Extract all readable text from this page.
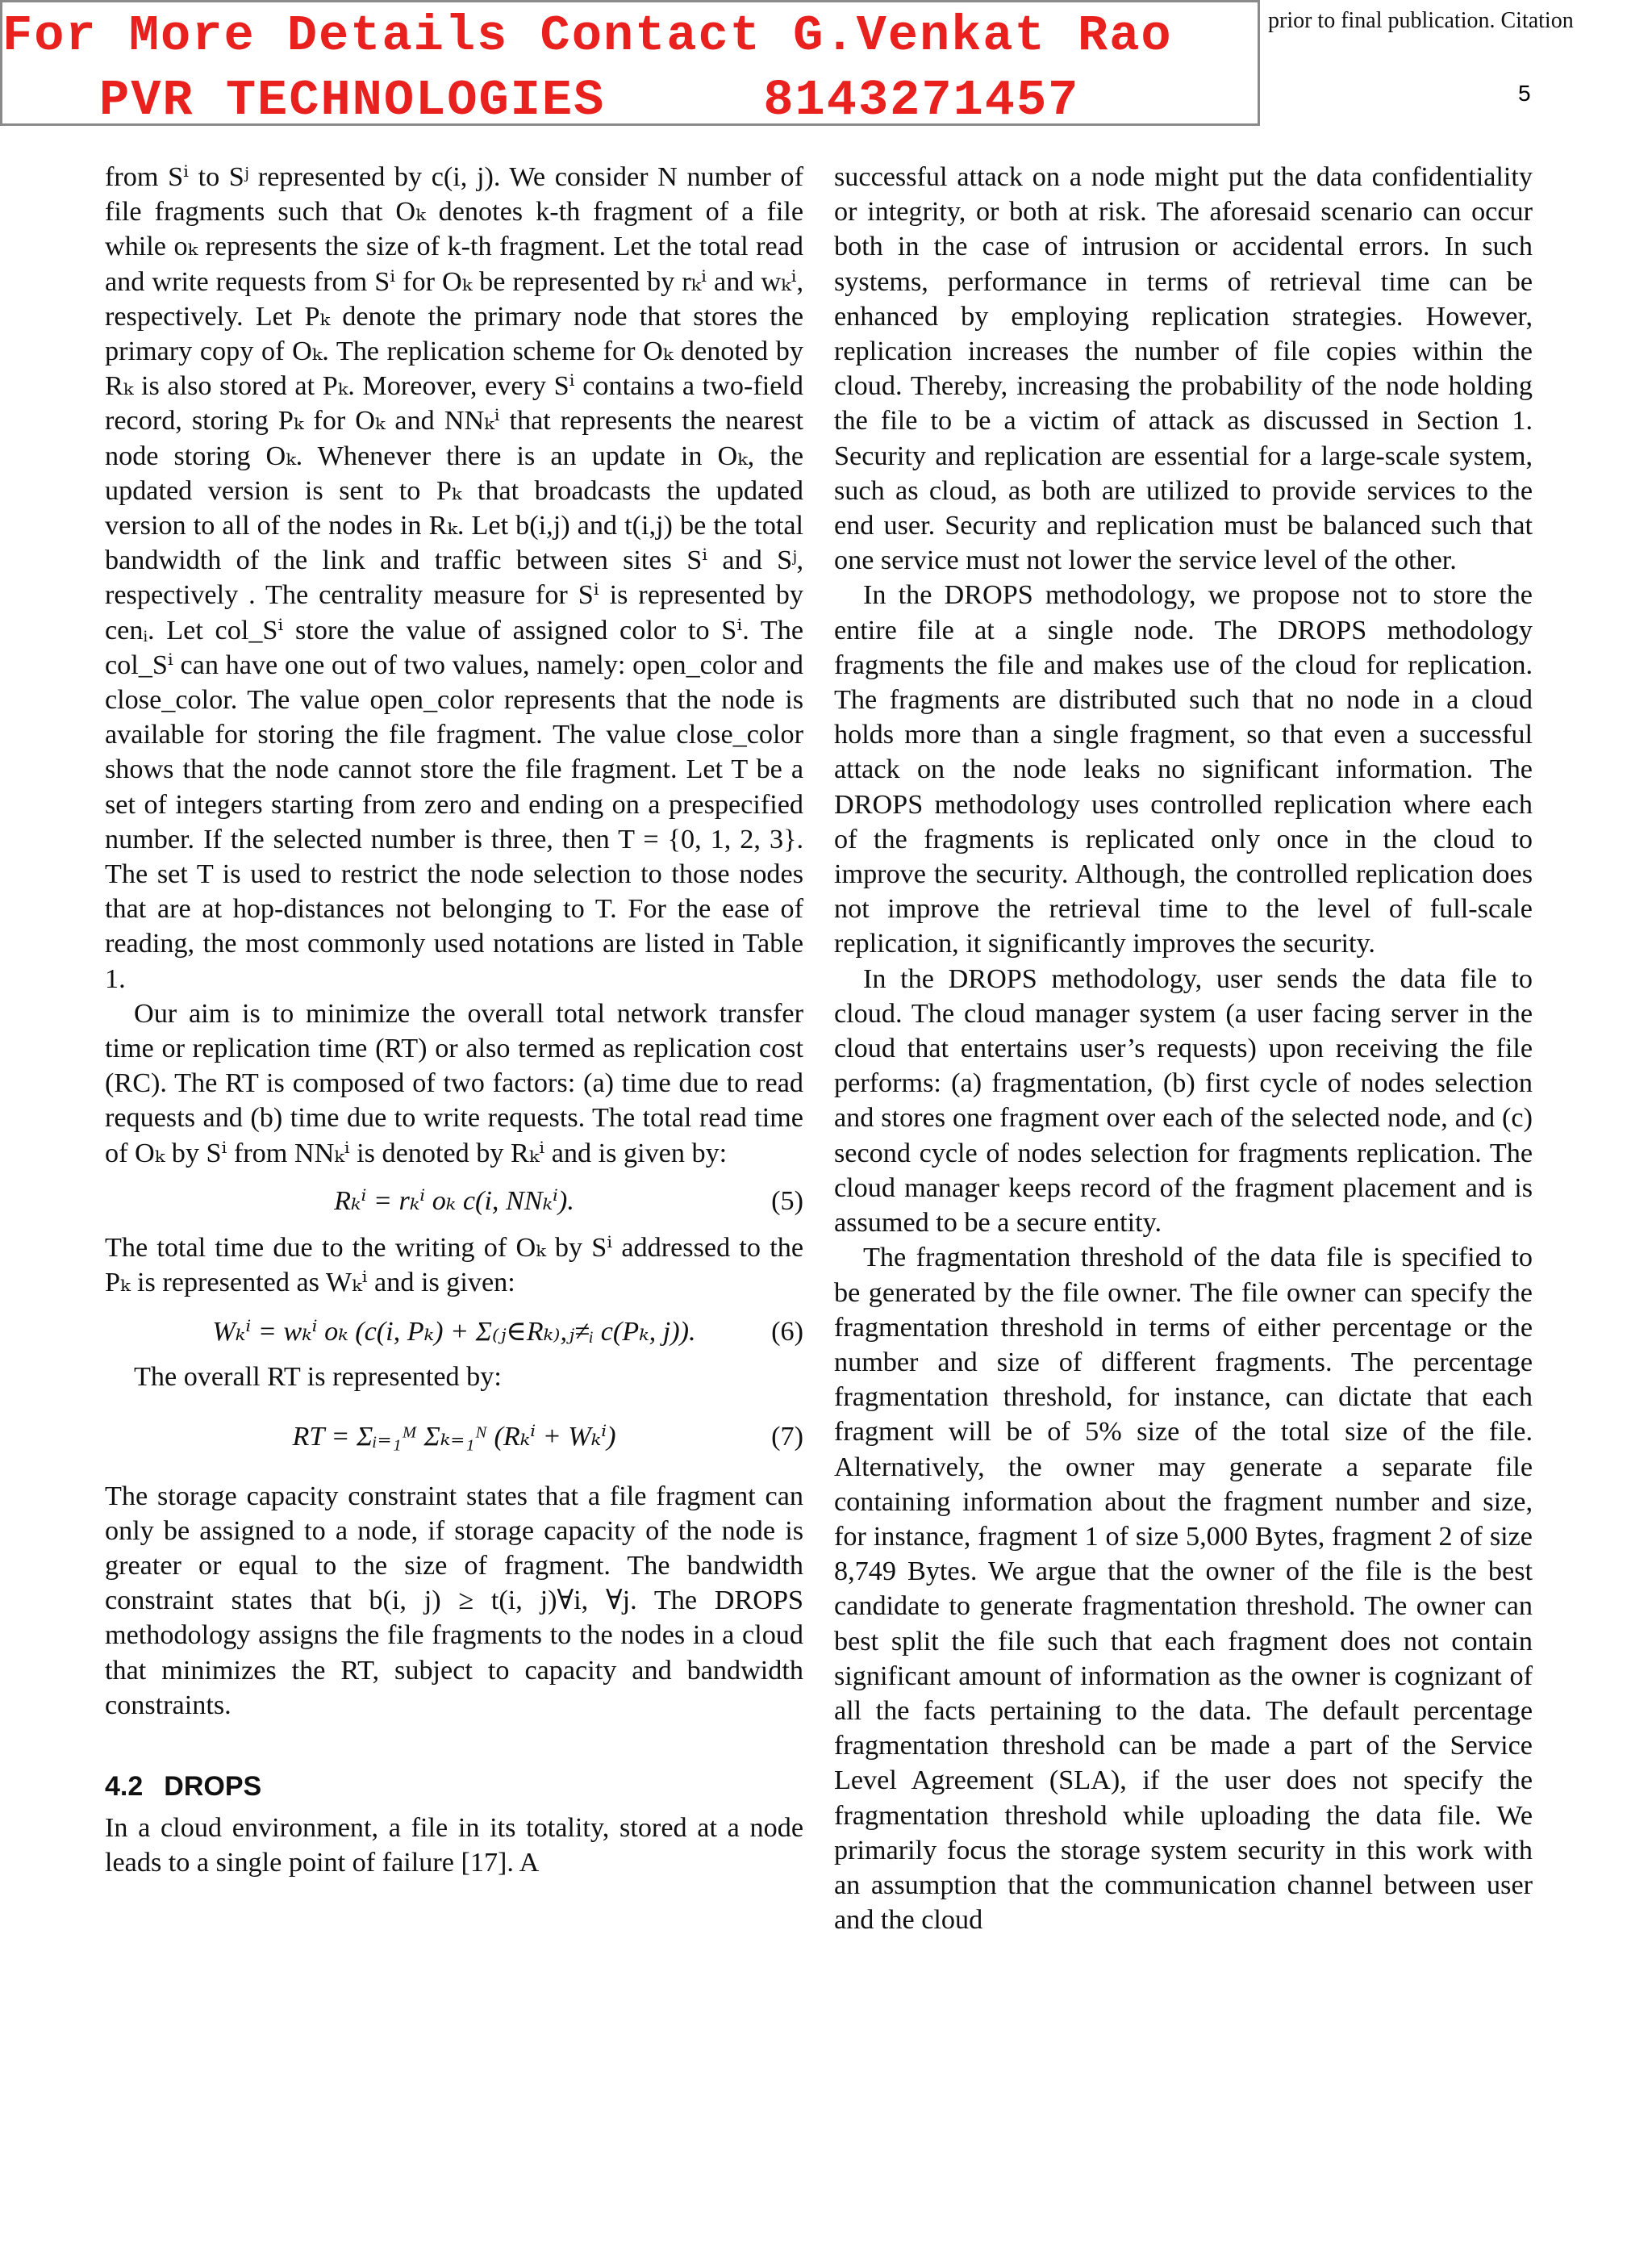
For More Details Contact G.Venkat Rao
PVR TECHNOLOGIES     8143271457
prior to final publication. Citation
5

from Sⁱ to Sʲ represented by c(i, j). We consider N number of file fragments such that Oₖ denotes k-th fragment of a file while oₖ represents the size of k-th fragment. Let the total read and write requests from Sⁱ for Oₖ be represented by rₖⁱ and wₖⁱ, respectively. Let Pₖ denote the primary node that stores the primary copy of Oₖ. The replication scheme for Oₖ denoted by Rₖ is also stored at Pₖ. Moreover, every Sⁱ contains a two-field record, storing Pₖ for Oₖ and NNₖⁱ that represents the nearest node storing Oₖ. Whenever there is an update in Oₖ, the updated version is sent to Pₖ that broadcasts the updated version to all of the nodes in Rₖ. Let b(i,j) and t(i,j) be the total bandwidth of the link and traffic between sites Sⁱ and Sʲ, respectively . The centrality measure for Sⁱ is represented by cenᵢ. Let col_Sⁱ store the value of assigned color to Sⁱ. The col_Sⁱ can have one out of two values, namely: open_color and close_color. The value open_color represents that the node is available for storing the file fragment. The value close_color shows that the node cannot store the file fragment. Let T be a set of integers starting from zero and ending on a prespecified number. If the selected number is three, then T = {0, 1, 2, 3}. The set T is used to restrict the node selection to those nodes that are at hop-distances not belonging to T. For the ease of reading, the most commonly used notations are listed in Table 1.

Our aim is to minimize the overall total network transfer time or replication time (RT) or also termed as replication cost (RC). The RT is composed of two factors: (a) time due to read requests and (b) time due to write requests. The total read time of Oₖ by Sⁱ from NNₖⁱ is denoted by Rₖⁱ and is given by:

Rₖⁱ = rₖⁱ oₖ c(i, NNₖⁱ).	(5)

The total time due to the writing of Oₖ by Sⁱ addressed to the Pₖ is represented as Wₖⁱ and is given:

Wₖⁱ = wₖⁱ oₖ (c(i, Pₖ) + Σ₍ⱼ∈Rₖ₎,ⱼ≠ᵢ c(Pₖ, j)).	(6)

The overall RT is represented by:

RT = Σᵢ₌₁ᴹ Σₖ₌₁ᴺ (Rₖⁱ + Wₖⁱ)	(7)

The storage capacity constraint states that a file fragment can only be assigned to a node, if storage capacity of the node is greater or equal to the size of fragment. The bandwidth constraint states that b(i, j) ≥ t(i, j)∀i, ∀j. The DROPS methodology assigns the file fragments to the nodes in a cloud that minimizes the RT, subject to capacity and bandwidth constraints.

4.2 DROPS

In a cloud environment, a file in its totality, stored at a node leads to a single point of failure [17]. A

successful attack on a node might put the data confidentiality or integrity, or both at risk. The aforesaid scenario can occur both in the case of intrusion or accidental errors. In such systems, performance in terms of retrieval time can be enhanced by employing replication strategies. However, replication increases the number of file copies within the cloud. Thereby, increasing the probability of the node holding the file to be a victim of attack as discussed in Section 1. Security and replication are essential for a large-scale system, such as cloud, as both are utilized to provide services to the end user. Security and replication must be balanced such that one service must not lower the service level of the other.

In the DROPS methodology, we propose not to store the entire file at a single node. The DROPS methodology fragments the file and makes use of the cloud for replication. The fragments are distributed such that no node in a cloud holds more than a single fragment, so that even a successful attack on the node leaks no significant information. The DROPS methodology uses controlled replication where each of the fragments is replicated only once in the cloud to improve the security. Although, the controlled replication does not improve the retrieval time to the level of full-scale replication, it significantly improves the security.

In the DROPS methodology, user sends the data file to cloud. The cloud manager system (a user facing server in the cloud that entertains user’s requests) upon receiving the file performs: (a) fragmentation, (b) first cycle of nodes selection and stores one fragment over each of the selected node, and (c) second cycle of nodes selection for fragments replication. The cloud manager keeps record of the fragment placement and is assumed to be a secure entity.

The fragmentation threshold of the data file is specified to be generated by the file owner. The file owner can specify the fragmentation threshold in terms of either percentage or the number and size of different fragments. The percentage fragmentation threshold, for instance, can dictate that each fragment will be of 5% size of the total size of the file. Alternatively, the owner may generate a separate file containing information about the fragment number and size, for instance, fragment 1 of size 5,000 Bytes, fragment 2 of size 8,749 Bytes. We argue that the owner of the file is the best candidate to generate fragmentation threshold. The owner can best split the file such that each fragment does not contain significant amount of information as the owner is cognizant of all the facts pertaining to the data. The default percentage fragmentation threshold can be made a part of the Service Level Agreement (SLA), if the user does not specify the fragmentation threshold while uploading the data file. We primarily focus the storage system security in this work with an assumption that the communication channel between user and the cloud
